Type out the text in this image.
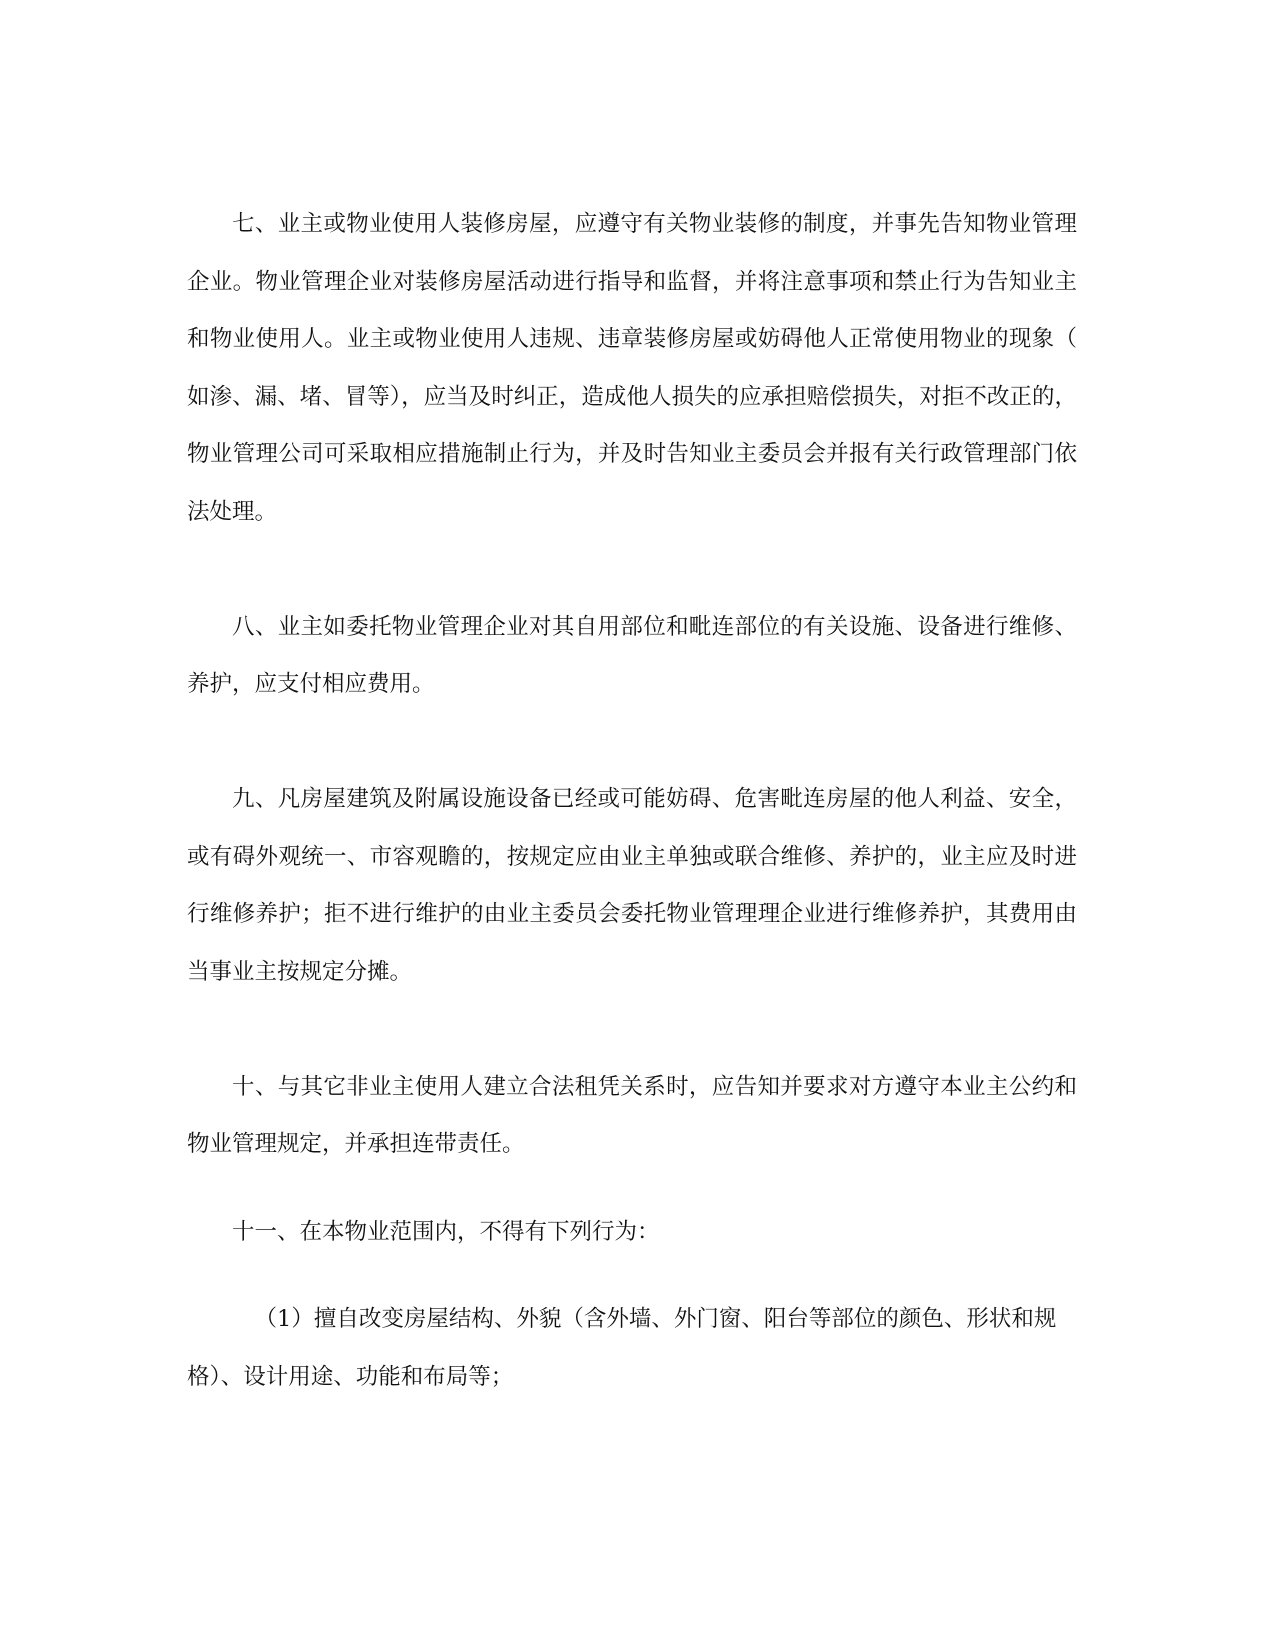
七、业主或物业使用人装修房屋，应遵守有关物业装修的制度，并事先告知物业管理企业。物业管理企业对装修房屋活动进行指导和监督，并将注意事项和禁止行为告知业主和物业使用人。业主或物业使用人违规、违章装修房屋或妨碍他人正常使用物业的现象（如渗、漏、堵、冒等），应当及时纠正，造成他人损失的应承担赔偿损失，对拒不改正的，物业管理公司可采取相应措施制止行为，并及时告知业主委员会并报有关行政管理部门依法处理。

八、业主如委托物业管理企业对其自用部位和毗连部位的有关设施、设备进行维修、养护，应支付相应费用。

九、凡房屋建筑及附属设施设备已经或可能妨碍、危害毗连房屋的他人利益、安全，或有碍外观统一、市容观瞻的，按规定应由业主单独或联合维修、养护的，业主应及时进行维修养护；拒不进行维护的由业主委员会委托物业管理理企业进行维修养护，其费用由当事业主按规定分摊。

十、与其它非业主使用人建立合法租凭关系时，应告知并要求对方遵守本业主公约和物业管理规定，并承担连带责任。

十一、在本物业范围内，不得有下列行为：

（1）擅自改变房屋结构、外貌（含外墙、外门窗、阳台等部位的颜色、形状和规格）、设计用途、功能和布局等；
